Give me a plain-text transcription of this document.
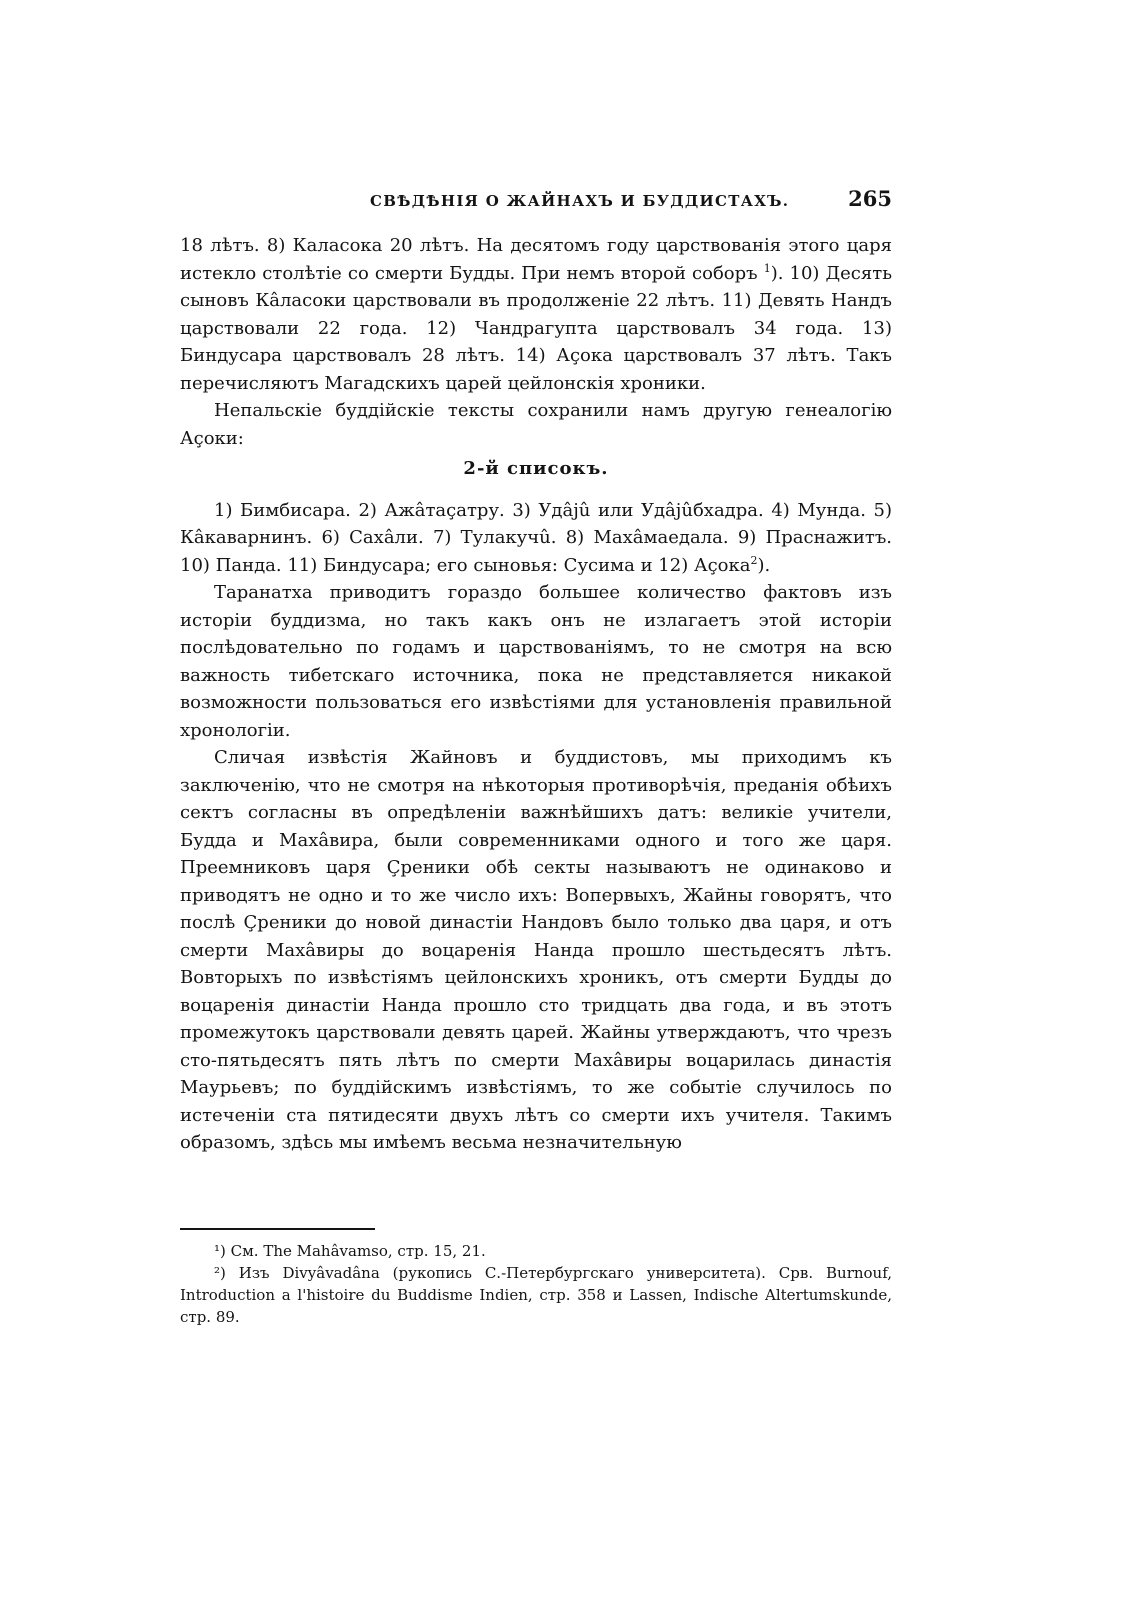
СВѢДѢНІЯ О ЖАЙНАХЪ И БУДДИСТАХЪ.	265

18 лѣтъ. 8) Каласока 20 лѣтъ. На десятомъ году царствованія этого царя истекло столѣтіе со смерти Будды. При немъ второй соборъ $^1$). 10) Десять сыновъ Кâласоки царствовали въ продолженіе 22 лѣтъ. 11) Девять Нандъ царствовали 22 года. 12) Чандрагупта царствовалъ 34 года. 13) Биндусара царствовалъ 28 лѣтъ. 14) Аçока царствовалъ 37 лѣтъ. Такъ перечисляютъ Магадскихъ царей цейлонскія хроники.

Непальскіе буддійскіе тексты сохранили намъ другую генеалогію Аçоки:

2-й списокъ.

1) Бимбисара. 2) Ажâтаçатру. 3) Удâjû или Удâjûбхадра. 4) Мунда. 5) Кâкаварнинъ. 6) Сахâли. 7) Тулакучû. 8) Махâмаедала. 9) Праснажитъ. 10) Панда. 11) Биндусара; его сыновья: Сусима и 12) Аçока$^2$).

Таранатха приводитъ гораздо большее количество фактовъ изъ исторіи буддизма, но такъ какъ онъ не излагаетъ этой исторіи послѣдовательно по годамъ и царствованіямъ, то не смотря на всю важность тибетскаго источника, пока не представляется никакой возможности пользоваться его извѣстіями для установленія правильной хронологіи.

Сличая извѣстія Жайновъ и буддистовъ, мы приходимъ къ заключенію, что не смотря на нѣкоторыя противорѣчія, преданія обѣихъ сектъ согласны въ опредѣленіи важнѣйшихъ датъ: великіе учители, Будда и Махâвира, были современниками одного и того же царя. Преемниковъ царя Çреники обѣ секты называютъ не одинаково и приводятъ не одно и то же число ихъ: Вопервыхъ, Жайны говорятъ, что послѣ Çреники до новой династіи Нандовъ было только два царя, и отъ смерти Махâвиры до воцаренія Нанда прошло шестьдесятъ лѣтъ. Вовторыхъ по извѣстіямъ цейлонскихъ хроникъ, отъ смерти Будды до воцаренія династіи Нанда прошло сто тридцать два года, и въ этотъ промежутокъ царствовали девять царей. Жайны утверждаютъ, что чрезъ сто-пятьдесятъ пять лѣтъ по смерти Махâвиры воцарилась династія Маурьевъ; по буддійскимъ извѣстіямъ, то же событіе случилось по истеченіи ста пятидесяти двухъ лѣтъ со смерти ихъ учителя. Такимъ образомъ, здѣсь мы имѣемъ весьма незначительную

¹) См. The Mahâvamso, стр. 15, 21.

²) Изъ Divyâvadâna (рукопись С.-Петербургскаго университета). Срв. Burnouf, Introduction a l'histoire du Buddisme Indien, стр. 358 и Lassen, Indische Altertumskunde, стр. 89.
